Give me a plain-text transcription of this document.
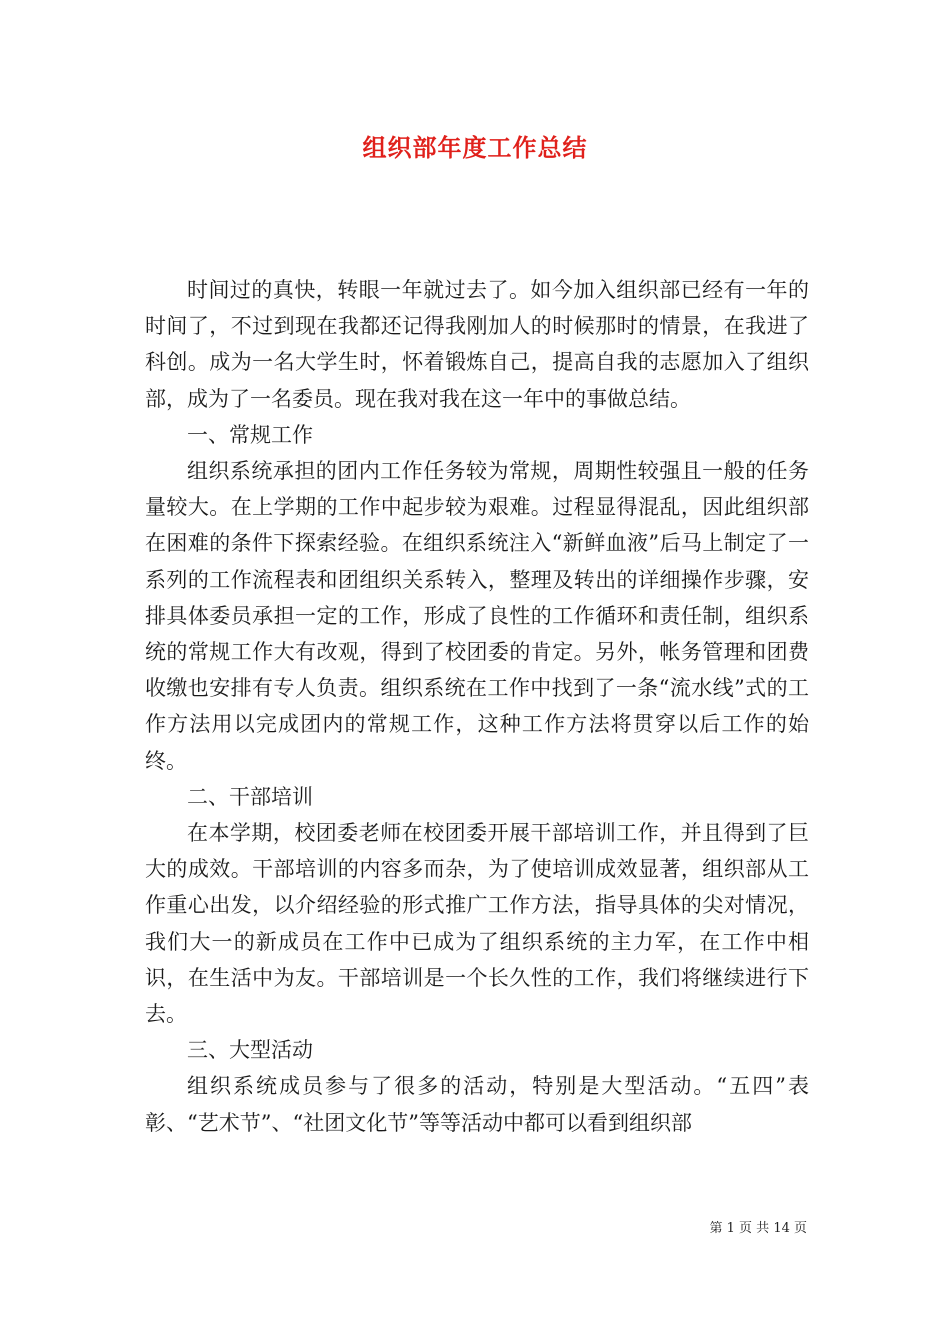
组织部年度工作总结

时间过的真快，转眼一年就过去了。如今加入组织部已经有一年的时间了，不过到现在我都还记得我刚加人的时候那时的情景，在我进了科创。成为一名大学生时，怀着锻炼自己，提高自我的志愿加入了组织部，成为了一名委员。现在我对我在这一年中的事做总结。

一、常规工作

组织系统承担的团内工作任务较为常规，周期性较强且一般的任务量较大。在上学期的工作中起步较为艰难。过程显得混乱，因此组织部在困难的条件下探索经验。在组织系统注入“新鲜血液”后马上制定了一系列的工作流程表和团组织关系转入，整理及转出的详细操作步骤，安排具体委员承担一定的工作，形成了良性的工作循环和责任制，组织系统的常规工作大有改观，得到了校团委的肯定。另外，帐务管理和团费收缴也安排有专人负责。组织系统在工作中找到了一条“流水线”式的工作方法用以完成团内的常规工作，这种工作方法将贯穿以后工作的始终。

二、干部培训

在本学期，校团委老师在校团委开展干部培训工作，并且得到了巨大的成效。干部培训的内容多而杂，为了使培训成效显著，组织部从工作重心出发，以介绍经验的形式推广工作方法，指导具体的尖对情况，我们大一的新成员在工作中已成为了组织系统的主力军，在工作中相识，在生活中为友。干部培训是一个长久性的工作，我们将继续进行下去。

三、大型活动

组织系统成员参与了很多的活动，特别是大型活动。“五四”表彰、“艺术节”、“社团文化节”等等活动中都可以看到组织部

第 1 页 共 14 页
